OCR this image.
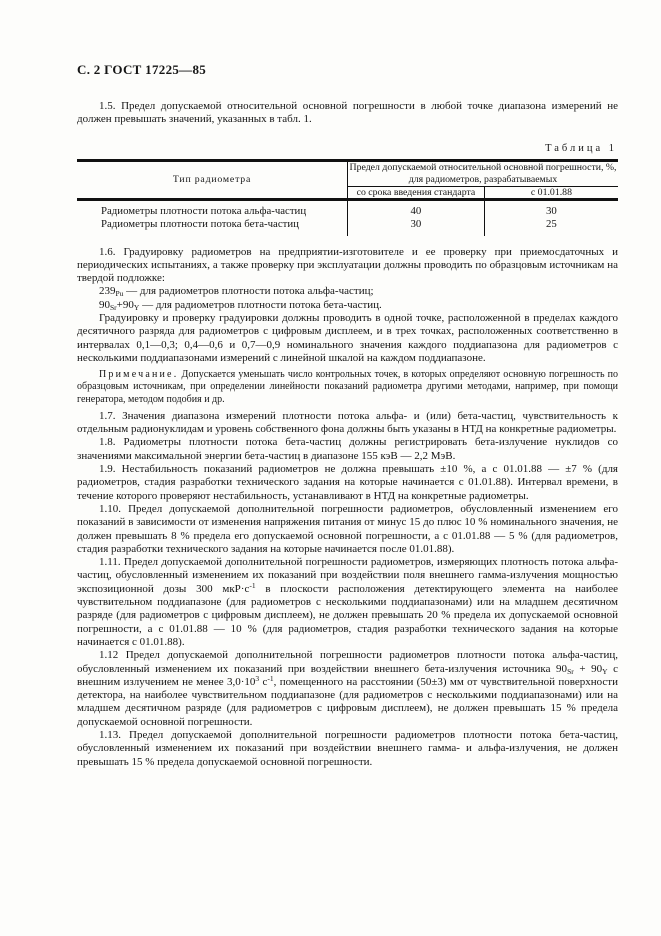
С. 2 ГОСТ 17225—85

1.5. Предел допускаемой относительной основной погрешности в любой точке диапазона измерений не должен превышать значений, указанных в табл. 1.

Таблица 1
Тип радиометра	Предел допускаемой относительной основной погрешности, %, для радиометров, разрабатываемых	
	со срока введения стандарта	с 01.01.88
Радиометры плотности потока альфа-частиц	40	30
Радиометры плотности потока бета-частиц	30	25

1.6. Градуировку радиометров на предприятии-изготовителе и ее проверку при приемосдаточных и периодических испытаниях, а также проверку при эксплуатации должны проводить по образцовым источникам на твердой подложке:

$239_{Pu}$ — для радиометров плотности потока альфа-частиц;
$90_{Sr}+90_Y$ — для радиометров плотности потока бета-частиц.

Градуировку и проверку градуировки должны проводить в одной точке, расположенной в пределах каждого десятичного разряда для радиометров с цифровым дисплеем, и в трех точках, расположенных соответственно в интервалах 0,1—0,3; 0,4—0,6 и 0,7—0,9 номинального значения каждого поддиапазона для радиометров с несколькими поддиапазонами измерений с линейной шкалой на каждом поддиапазоне.

Примечание. Допускается уменьшать число контрольных точек, в которых определяют основную погрешность по образцовым источникам, при определении линейности показаний радиометра другими методами, например, при помощи генератора, методом подобия и др.

1.7. Значения диапазона измерений плотности потока альфа- и (или) бета-частиц, чувствительность к отдельным радионуклидам и уровень собственного фона должны быть указаны в НТД на конкретные радиометры.

1.8. Радиометры плотности потока бета-частиц должны регистрировать бета-излучение нуклидов со значениями максимальной энергии бета-частиц в диапазоне 155 кэВ — 2,2 МэВ.

1.9. Нестабильность показаний радиометров не должна превышать ±10 %, а с 01.01.88 — ±7 % (для радиометров, стадия разработки технического задания на которые начинается с 01.01.88). Интервал времени, в течение которого проверяют нестабильность, устанавливают в НТД на конкретные радиометры.

1.10. Предел допускаемой дополнительной погрешности радиометров, обусловленный изменением его показаний в зависимости от изменения напряжения питания от минус 15 до плюс 10 % номинального значения, не должен превышать 8 % предела его допускаемой основной погрешности, а с 01.01.88 — 5 % (для радиометров, стадия разработки технического задания на которые начинается после 01.01.88).

1.11. Предел допускаемой дополнительной погрешности радиометров, измеряющих плотность потока альфа-частиц, обусловленный изменением их показаний при воздействии поля внешнего гамма-излучения мощностью экспозиционной дозы 300 $мкР\cdot с^{-1}$ в плоскости расположения детектирующего элемента на наиболее чувствительном поддиапазоне (для радиометров с несколькими поддиапазонами) или на младшем десятичном разряде (для радиометров с цифровым дисплеем), не должен превышать 20 % предела их допускаемой основной погрешности, а с 01.01.88 — 10 % (для радиометров, стадия разработки технического задания на которые начинается с 01.01.88).

1.12 Предел допускаемой дополнительной погрешности радиометров плотности потока альфа-частиц, обусловленный изменением их показаний при воздействии внешнего бета-излучения источника $90_{Sr} + 90_Y$ с внешним излучением не менее $3,0\cdot 10^3$ $с^{-1}$, помещенного на расстоянии (50±3) мм от чувствительной поверхности детектора, на наиболее чувствительном поддиапазоне (для радиометров с несколькими поддиапазонами) или на младшем десятичном разряде (для радиометров с цифровым дисплеем), не должен превышать 15 % предела допускаемой основной погрешности.

1.13. Предел допускаемой дополнительной погрешности радиометров плотности потока бета-частиц, обусловленный изменением их показаний при воздействии внешнего гамма- и альфа-излучения, не должен превышать 15 % предела допускаемой основной погрешности.
